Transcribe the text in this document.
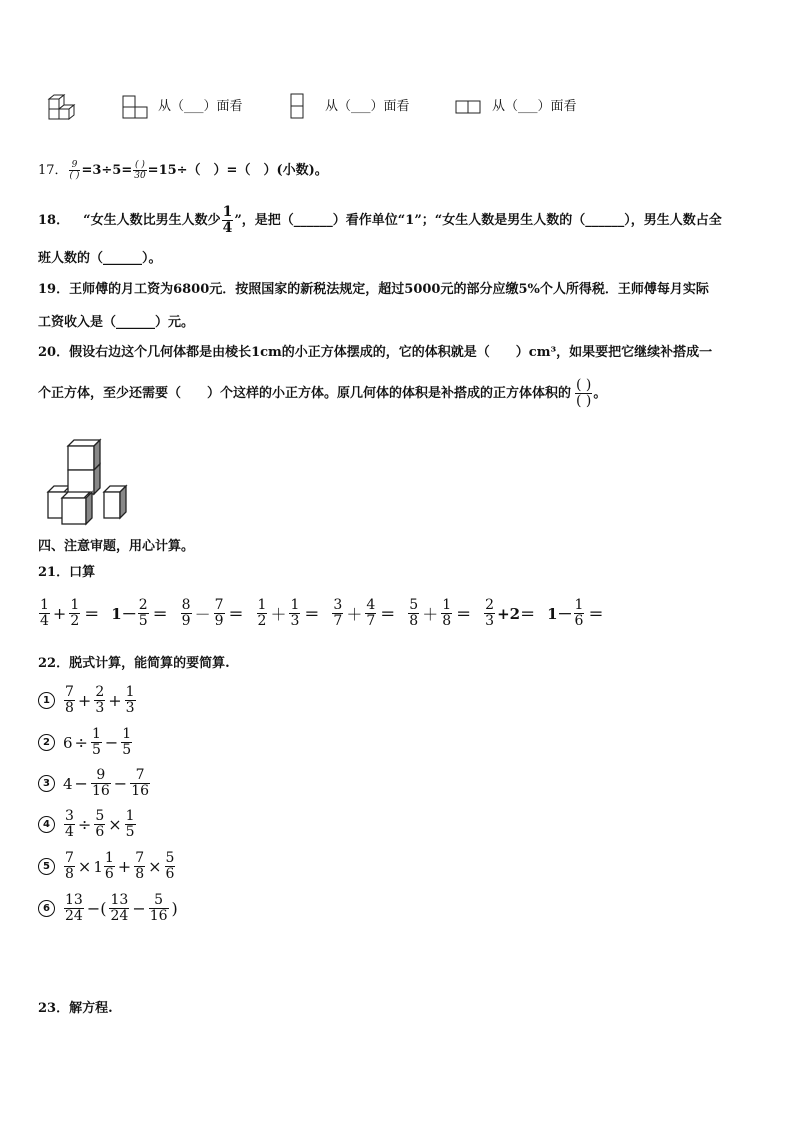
从（___）面看	从（___）面看	从（___）面看
17． $\frac{9}{( )} =3\div 5= \frac{( )}{30} =15\div$（　）=（　）(小数)。
18． “女生人数比男生人数少 $\frac{1}{4}$ ”，是把（______）看作单位“1”；“女生人数是男生人数的（______），男生人数占全
班人数的（______）。
19．王师傅的月工资为6800元．按照国家的新税法规定，超过5000元的部分应缴5%个人所得税．王师傅每月实际
工资收入是（______）元。
20．假设右边这个几何体都是由棱长1cm的小正方体摆成的，它的体积就是（　　）cm³，如果要把它继续补搭成一
个正方体，至少还需要（　　）个这样的小正方体。原几何体的体积是补搭成的正方体体积的 $\frac{( )}{( )}$ 。
四、注意审题，用心计算。
21．口算
$\frac{1}{4} + \frac{1}{2} = 1- \frac{2}{5} = \frac{8}{9} - \frac{7}{9} = \frac{1}{2} + \frac{1}{3} = \frac{3}{7} + \frac{4}{7} = \frac{5}{8} + \frac{1}{8} = \frac{2}{3} +2= 1- \frac{1}{6}$ ＝
22．脱式计算，能简算的要简算.
1	$\frac{7}{8} + \frac{2}{3} + \frac{1}{3}$
2 $6 \div \frac{1}{5} - \frac{1}{5}$
3 $4 - \frac{9}{16} - \frac{7}{16}$
4	$\frac{3}{4} \div \frac{5}{6} \times \frac{1}{5}$
5	$\frac{7}{8} \times 1 \frac{1}{6} + \frac{7}{8} \times \frac{5}{6}$
6	$\frac{13}{24}$ −( $\frac{13}{24} - \frac{5}{16}$ )
23．解方程.
